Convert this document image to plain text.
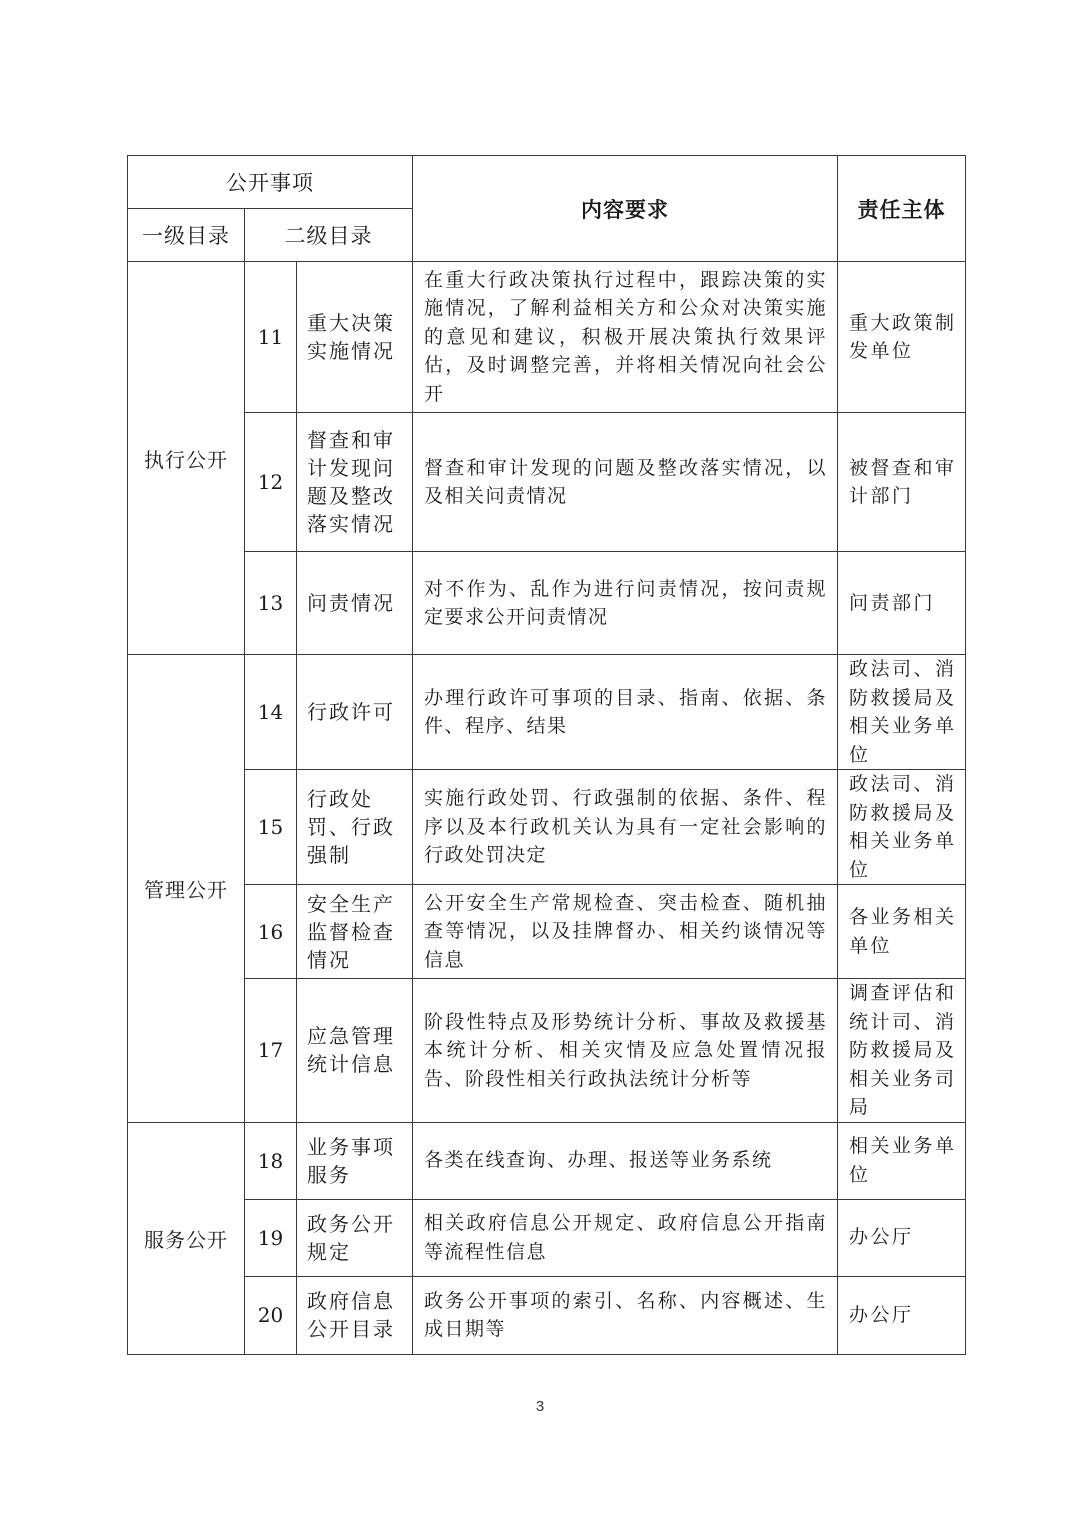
公开事项			内容要求	责任主体
一级目录	二级目录			
执行公开	11	重大决策实施情况	在重大行政决策执行过程中，跟踪决策的实施情况，了解利益相关方和公众对决策实施的意见和建议，积极开展决策执行效果评估，及时调整完善，并将相关情况向社会公开	重大政策制发单位
	12	督查和审计发现问题及整改落实情况	督查和审计发现的问题及整改落实情况，以及相关问责情况	被督查和审计部门
	13	问责情况	对不作为、乱作为进行问责情况，按问责规定要求公开问责情况	问责部门
管理公开	14	行政许可	办理行政许可事项的目录、指南、依据、条件、程序、结果	政法司、消防救援局及相关业务单位
	15	行政处罚、行政强制	实施行政处罚、行政强制的依据、条件、程序以及本行政机关认为具有一定社会影响的行政处罚决定	政法司、消防救援局及相关业务单位
	16	安全生产监督检查情况	公开安全生产常规检查、突击检查、随机抽查等情况，以及挂牌督办、相关约谈情况等信息	各业务相关单位
	17	应急管理统计信息	阶段性特点及形势统计分析、事故及救援基本统计分析、相关灾情及应急处置情况报告、阶段性相关行政执法统计分析等	调查评估和统计司、消防救援局及相关业务司局
服务公开	18	业务事项服务	各类在线查询、办理、报送等业务系统	相关业务单位
	19	政务公开规定	相关政府信息公开规定、政府信息公开指南等流程性信息	办公厅
	20	政府信息公开目录	政务公开事项的索引、名称、内容概述、生成日期等	办公厅
3
